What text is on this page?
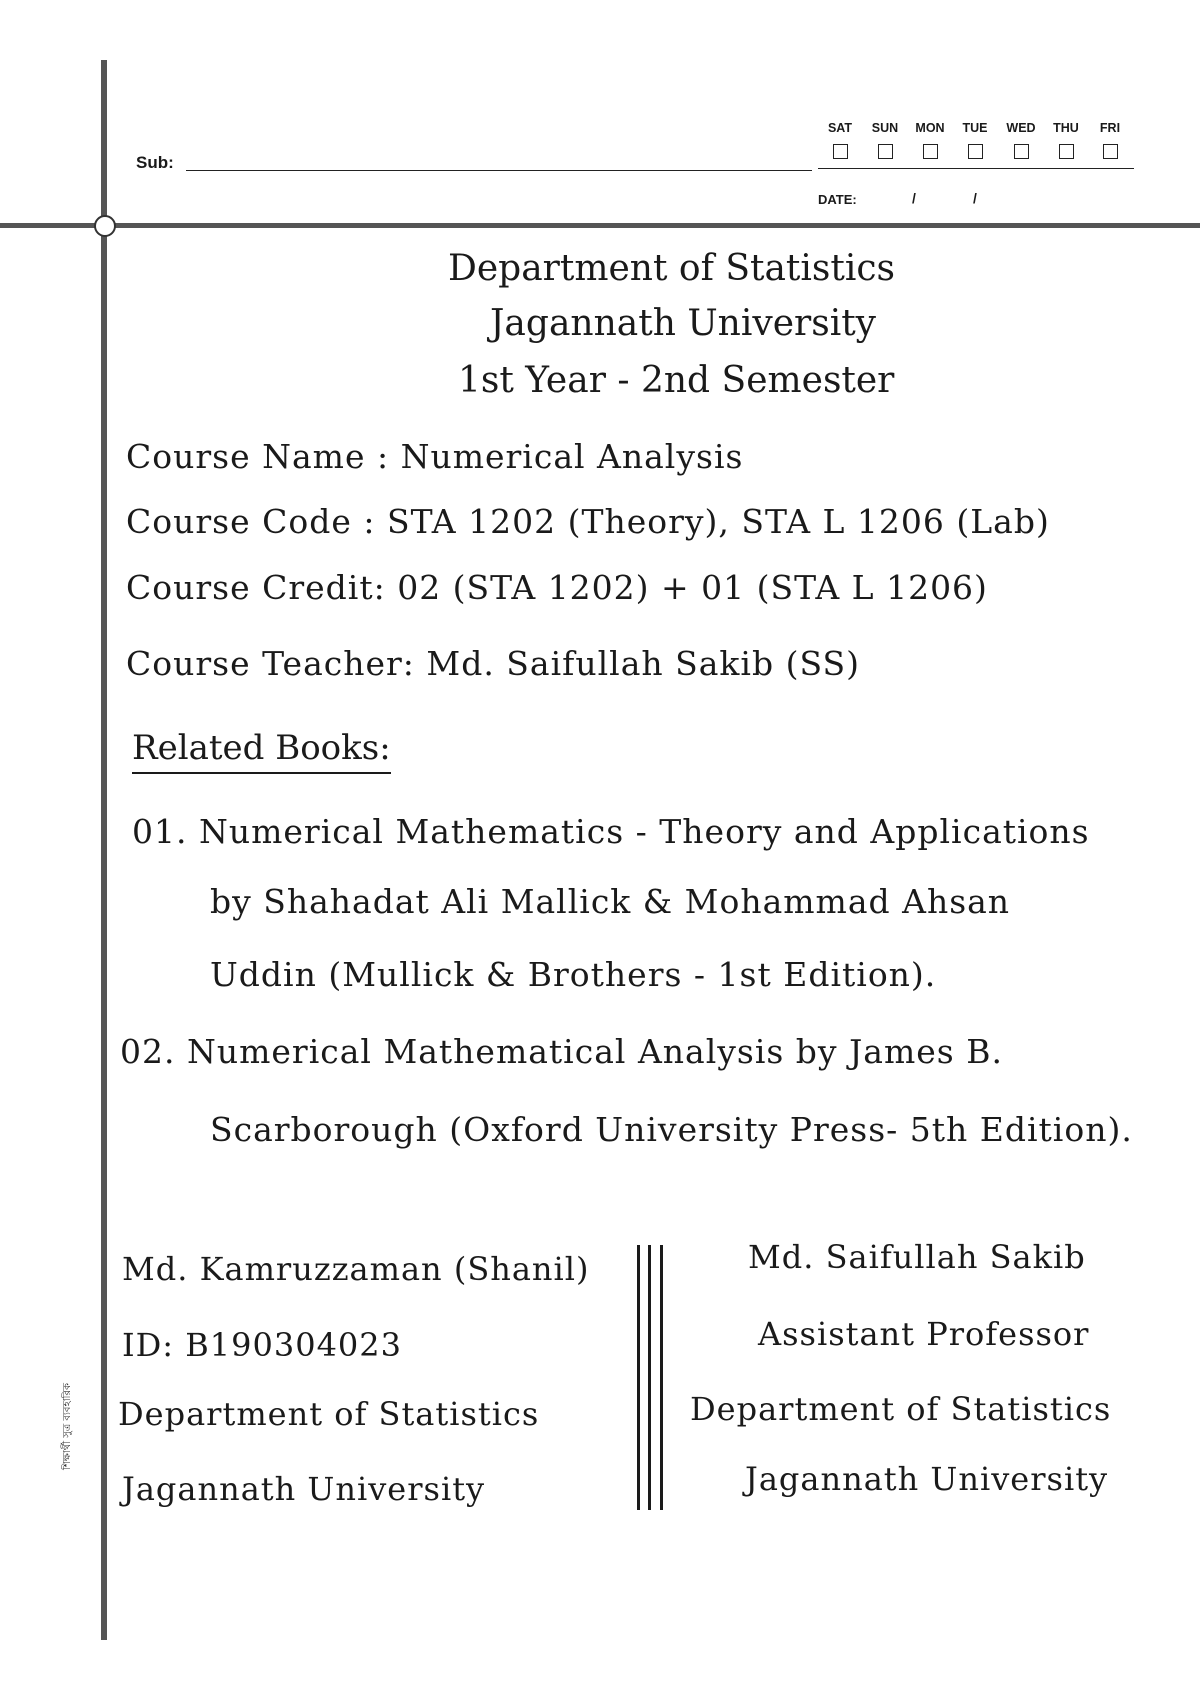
Sub:
SAT	SUN	MON	TUE	WED	THU	FRI
DATE:	/	/
শিক্ষার্থী সুত্র ব্যবহারিক
Department of Statistics
Jagannath University
1st Year - 2nd Semester
Course Name : Numerical Analysis
Course Code : STA 1202 (Theory), STA L 1206 (Lab)
Course Credit: 02 (STA 1202) + 01 (STA L 1206)
Course Teacher: Md. Saifullah Sakib (SS)
Related Books:
01. Numerical Mathematics - Theory and Applications
by Shahadat Ali Mallick & Mohammad Ahsan
Uddin (Mullick & Brothers - 1st Edition).
02. Numerical Mathematical Analysis by James B.
Scarborough (Oxford University Press- 5th Edition).
Md. Kamruzzaman (Shanil)
ID: B190304023
Department of Statistics
Jagannath University
Md. Saifullah Sakib
Assistant Professor
Department of Statistics
Jagannath University
